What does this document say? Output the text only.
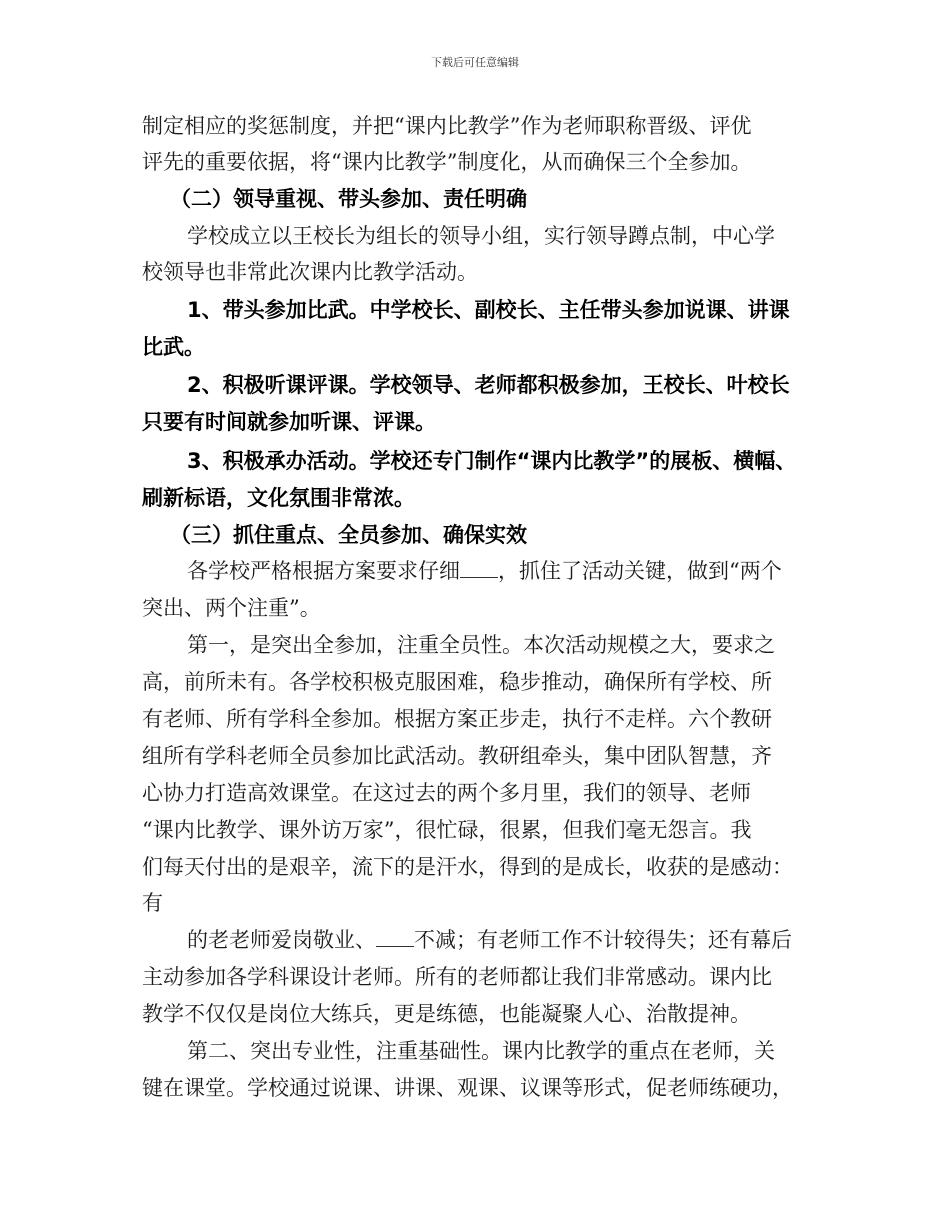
下载后可任意编辑
制定相应的奖惩制度，并把“课内比教学”作为老师职称晋级、评优
评先的重要依据，将“课内比教学”制度化，从而确保三个全参加。
（二）领导重视、带头参加、责任明确
学校成立以王校长为组长的领导小组，实行领导蹲点制，中心学
校领导也非常此次课内比教学活动。
1、带头参加比武。中学校长、副校长、主任带头参加说课、讲课
比武。
2、积极听课评课。学校领导、老师都积极参加，王校长、叶校长
只要有时间就参加听课、评课。
3、积极承办活动。学校还专门制作“课内比教学”的展板、横幅、
刷新标语，文化氛围非常浓。
（三）抓住重点、全员参加、确保实效
各学校严格根据方案要求仔细 ，抓住了活动关键，做到“两个
突出、两个注重”。
第一，是突出全参加，注重全员性。本次活动规模之大，要求之
高，前所未有。各学校积极克服困难，稳步推动，确保所有学校、所
有老师、所有学科全参加。根据方案正步走，执行不走样。六个教研
组所有学科老师全员参加比武活动。教研组牵头，集中团队智慧，齐
心协力打造高效课堂。在这过去的两个多月里，我们的领导、老师
“课内比教学、课外访万家”，很忙碌，很累，但我们毫无怨言。我
们每天付出的是艰辛，流下的是汗水，得到的是成长，收获的是感动：
有
的老老师爱岗敬业、 不减；有老师工作不计较得失；还有幕后
主动参加各学科课设计老师。所有的老师都让我们非常感动。课内比
教学不仅仅是岗位大练兵，更是练德，也能凝聚人心、治散提神。
第二、突出专业性，注重基础性。课内比教学的重点在老师，关
键在课堂。学校通过说课、讲课、观课、议课等形式，促老师练硬功，
